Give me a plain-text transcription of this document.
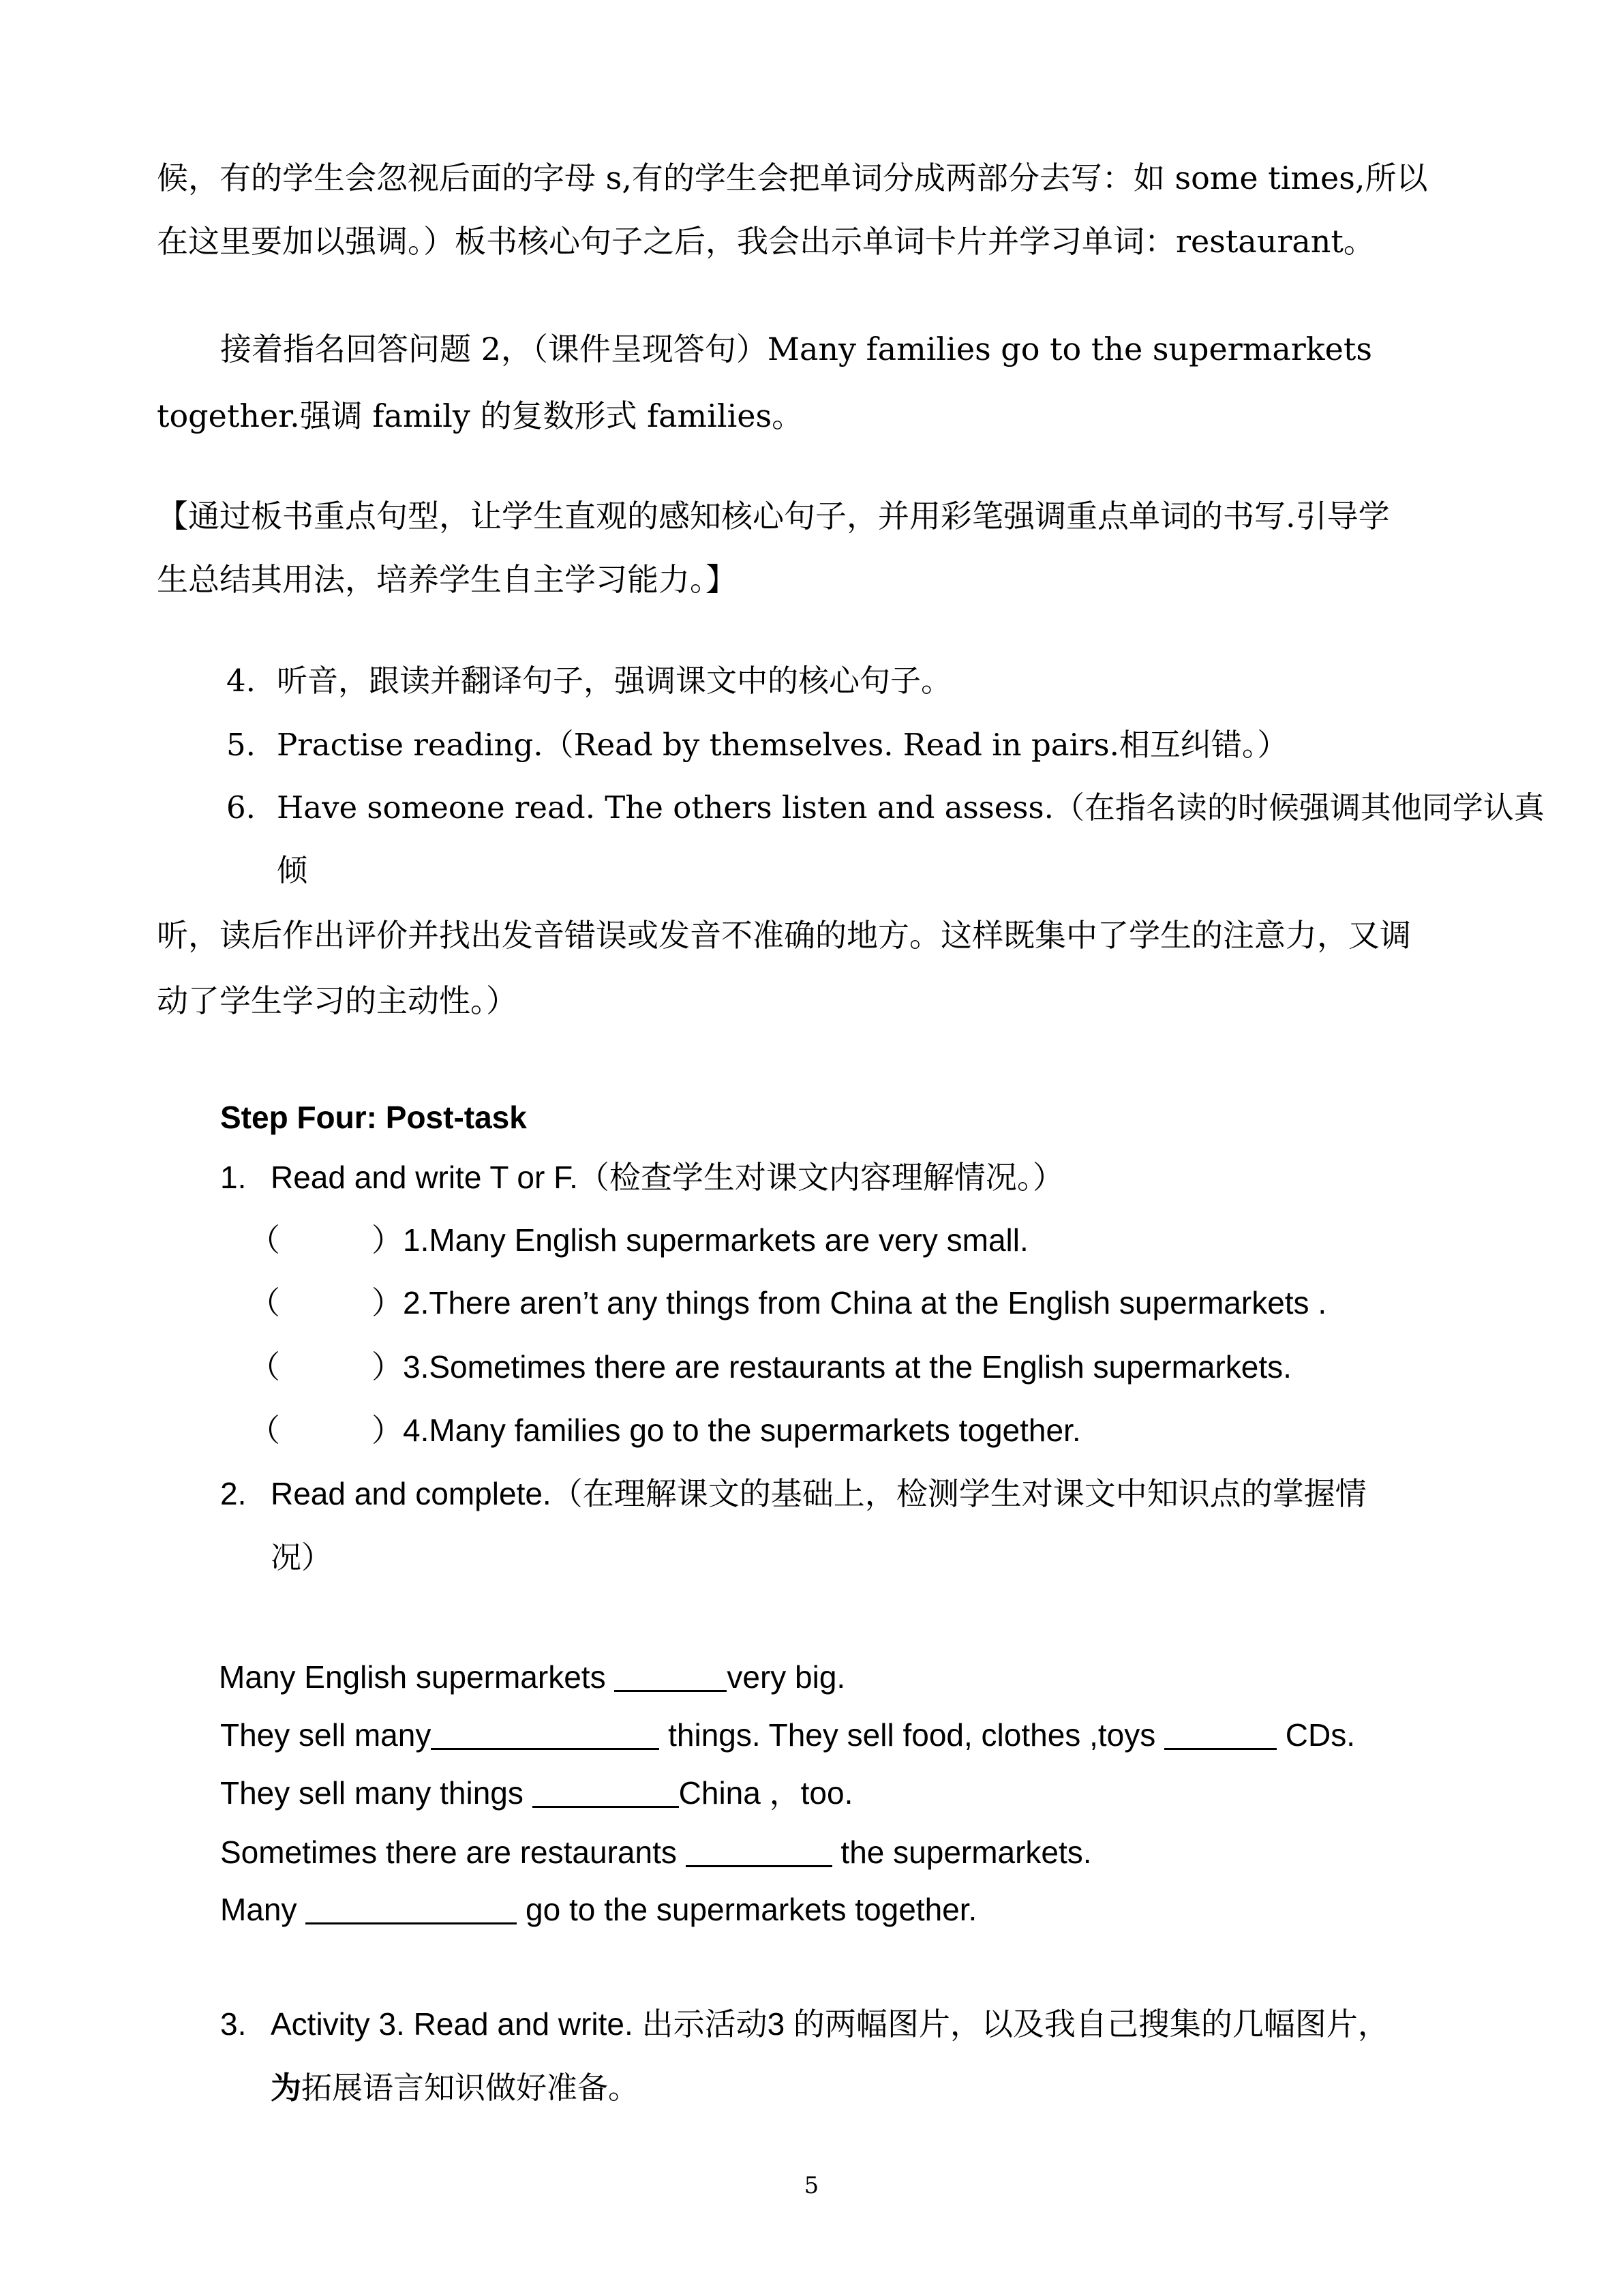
候，有的学生会忽视后面的字母 s,有的学生会把单词分成两部分去写：如 some times,所以
在这里要加以强调。）板书核心句子之后，我会出示单词卡片并学习单词：restaurant。
接着指名回答问题 2，（课件呈现答句）Many families go to the supermarkets
together.强调 family 的复数形式 families。
【通过板书重点句型，让学生直观的感知核心句子，并用彩笔强调重点单词的书写.引导学
生总结其用法，培养学生自主学习能力。】
4. 听音，跟读并翻译句子，强调课文中的核心句子。
5. Practise reading.（Read by themselves. Read in pairs.相互纠错。）
6. Have someone read. The others listen and assess.（在指名读的时候强调其他同学认真
倾
听，读后作出评价并找出发音错误或发音不准确的地方。这样既集中了学生的注意力，又调
动了学生学习的主动性。）
Step Four: Post-task
1. Read and write T or F.（检查学生对课文内容理解情况。）
（	）1.Many English supermarkets are very small.
（	）2.There aren’t any things from China at the English supermarkets .
（	）3.Sometimes there are restaurants at the English supermarkets.
（	）4.Many families go to the supermarkets together.
2. Read and complete.（在理解课文的基础上，检测学生对课文中知识点的掌握情
况）
Many English supermarkets	very big.
They sell many	things. They sell food, clothes ,toys	CDs.
They sell many things	China ，too.
Sometimes there are restaurants	the supermarkets.
Many	go to the supermarkets together.
3. Activity 3. Read and write. 出示活动3 的两幅图片，以及我自己搜集的几幅图片，
为拓展语言知识做好准备。
5
